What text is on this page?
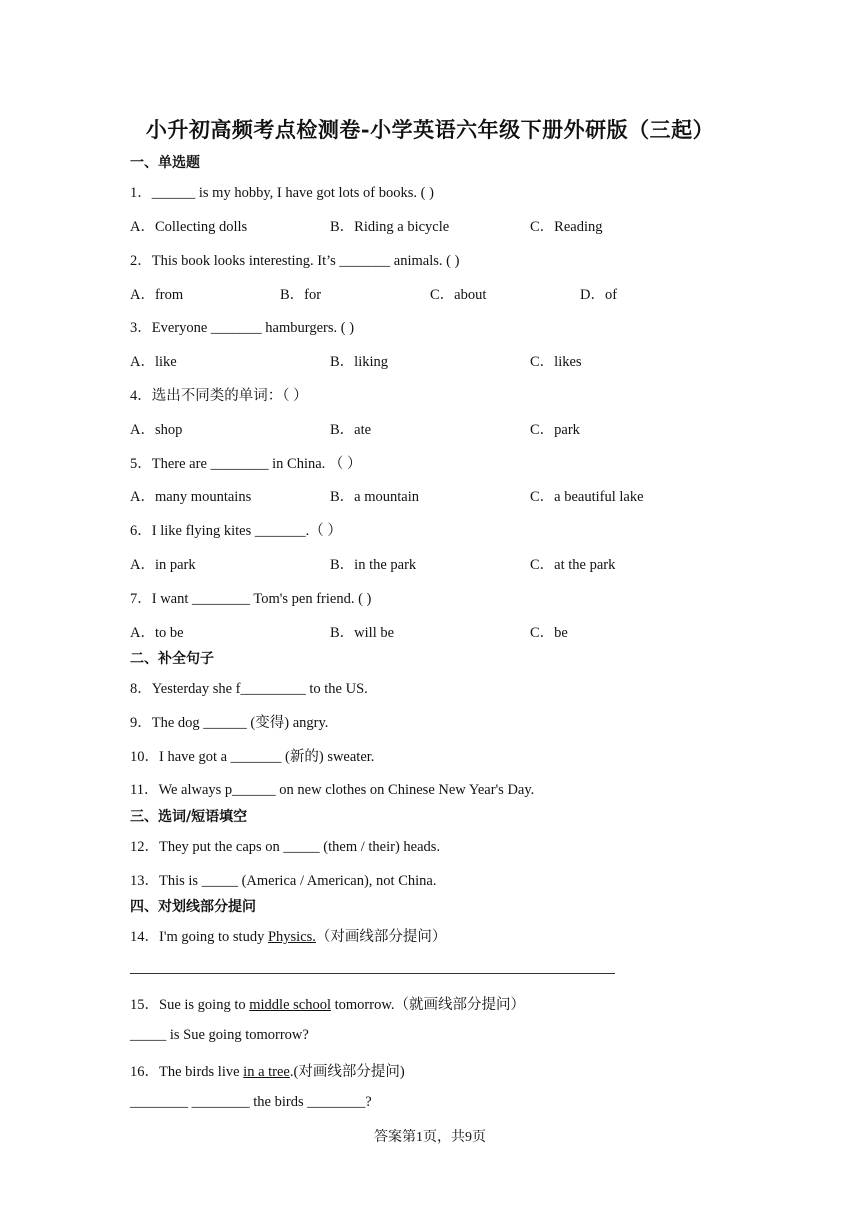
小升初高频考点检测卷-小学英语六年级下册外研版（三起）
一、单选题
1．______ is my hobby, I have got lots of books. ( )
A．Collecting dolls	B．Riding a bicycle	C．Reading
2．This book looks interesting. It’s _______ animals. ( )
A．from	B．for	C．about	D．of
3．Everyone _______ hamburgers. ( )
A．like	B．liking	C．likes
4．选出不同类的单词：（ ）
A．shop	B．ate	C．park
5．There are ________ in China. （ ）
A．many mountains	B．a mountain	C．a beautiful lake
6．I like flying kites _______.（ ）
A．in park	B．in the park	C．at the park
7．I want ________ Tom's pen friend. ( )
A．to be	B．will be	C．be
二、补全句子
8．Yesterday she f_________ to the US.
9．The dog ______ (变得) angry.
10．I have got a _______ (新的) sweater.
11．We always p______ on new clothes on Chinese New Year's Day.
三、选词/短语填空
12．They put the caps on _____ (them / their) heads.
13．This is _____ (America / American), not China.
四、对划线部分提问
14．I'm going to study Physics.（对画线部分提问）
15．Sue is going to middle school tomorrow.（就画线部分提问）
_____ is Sue going tomorrow?
16．The birds live in a tree.(对画线部分提问)
________ ________ the birds ________?
答案第1页，共9页
